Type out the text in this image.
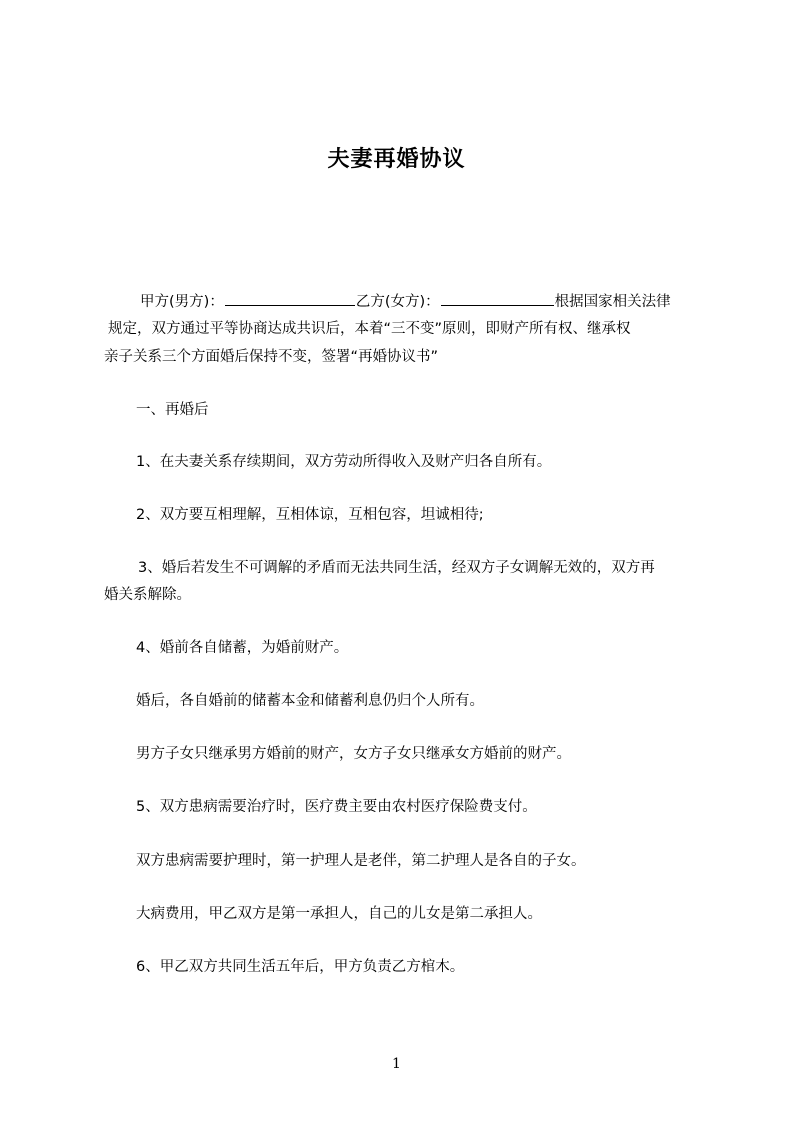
夫妻再婚协议
甲方(男方)：	乙方(女方)：	根据国家相关法律
规定，双方通过平等协商达成共识后，本着“三不变”原则，即财产所有权、继承权
亲子关系三个方面婚后保持不变，签署“再婚协议书”
一、再婚后
1、在夫妻关系存续期间，双方劳动所得收入及财产归各自所有。
2、双方要互相理解，互相体谅，互相包容，坦诚相待;
3、婚后若发生不可调解的矛盾而无法共同生活，经双方子女调解无效的，双方再
婚关系解除。
4、婚前各自储蓄，为婚前财产。
婚后，各自婚前的储蓄本金和储蓄利息仍归个人所有。
男方子女只继承男方婚前的财产，女方子女只继承女方婚前的财产。
5、双方患病需要治疗时，医疗费主要由农村医疗保险费支付。
双方患病需要护理时，第一护理人是老伴，第二护理人是各自的子女。
大病费用，甲乙双方是第一承担人，自己的儿女是第二承担人。
6、甲乙双方共同生活五年后，甲方负责乙方棺木。
1
